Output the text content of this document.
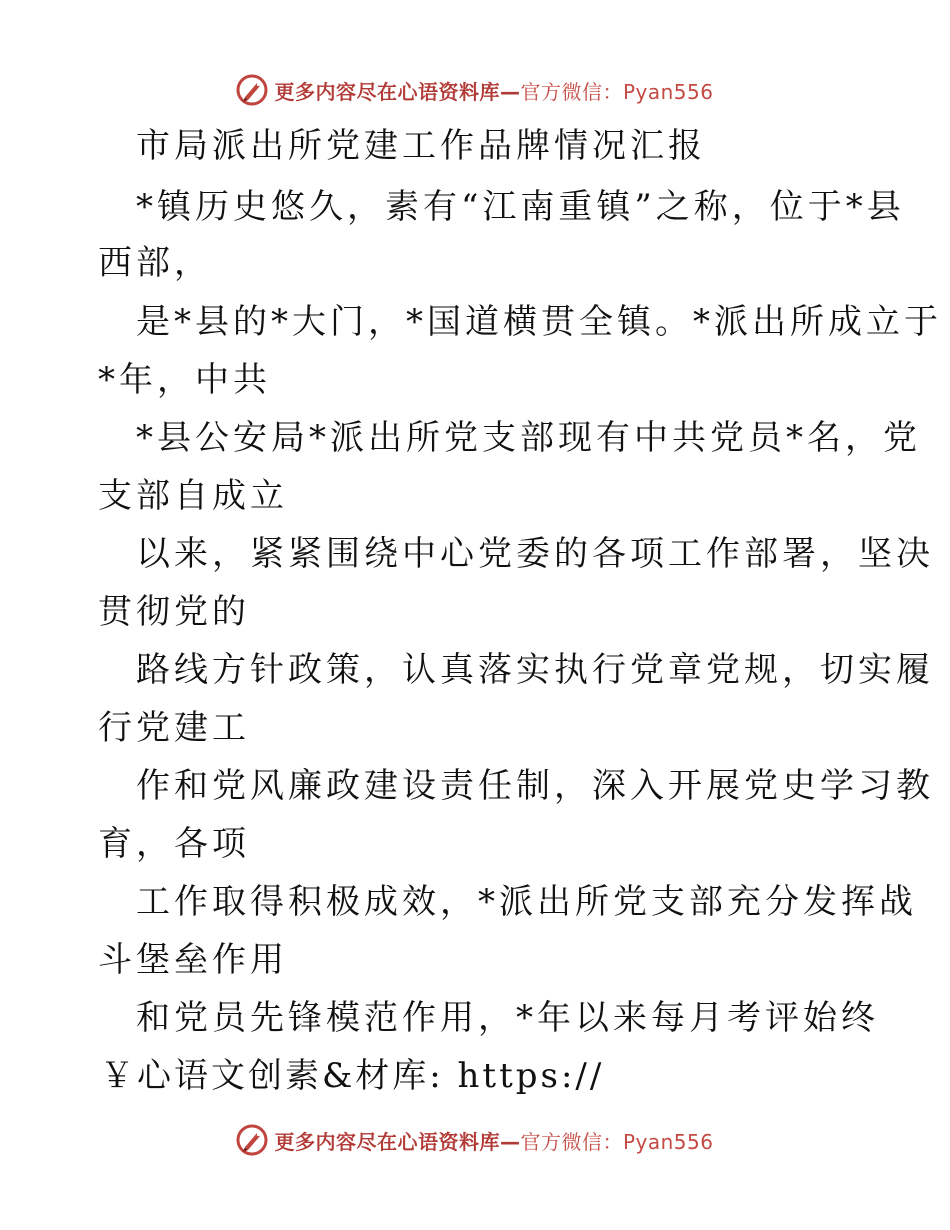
更多内容尽在心语资料库—官方微信：Pyan556
市局派出所党建工作品牌情况汇报
*镇历史悠久，素有“江南重镇”之称，位于*县
西部，
是*县的*大门，*国道横贯全镇。*派出所成立于
*年，中共
*县公安局*派出所党支部现有中共党员*名，党
支部自成立
以来，紧紧围绕中心党委的各项工作部署，坚决
贯彻党的
路线方针政策，认真落实执行党章党规，切实履
行党建工
作和党风廉政建设责任制，深入开展党史学习教
育，各项
工作取得积极成效，*派出所党支部充分发挥战
斗堡垒作用
和党员先锋模范作用，*年以来每月考评始终
￥心语文创素&材库: https://
更多内容尽在心语资料库—官方微信：Pyan556
